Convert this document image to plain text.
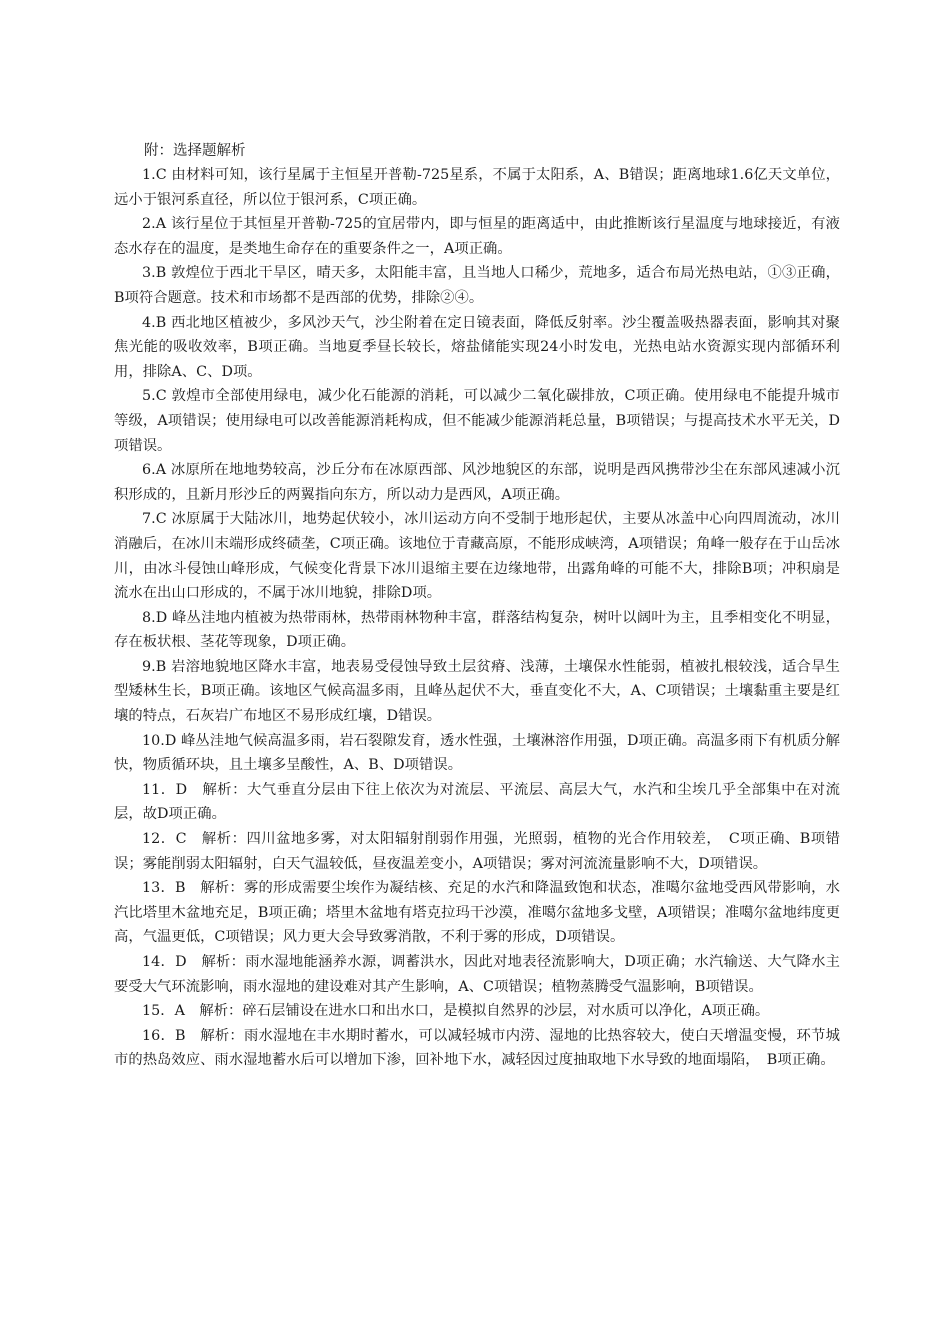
附：选择题解析

1.C 由材料可知，该行星属于主恒星开普勒-725星系，不属于太阳系，A、B错误；距离地球1.6亿天文单位，远小于银河系直径，所以位于银河系，C项正确。

2.A 该行星位于其恒星开普勒-725的宜居带内，即与恒星的距离适中，由此推断该行星温度与地球接近，有液态水存在的温度，是类地生命存在的重要条件之一，A项正确。

3.B 敦煌位于西北干旱区，晴天多，太阳能丰富，且当地人口稀少，荒地多，适合布局光热电站，①③正确，B项符合题意。技术和市场都不是西部的优势，排除②④。

4.B 西北地区植被少，多风沙天气，沙尘附着在定日镜表面，降低反射率。沙尘覆盖吸热器表面，影响其对聚焦光能的吸收效率，B项正确。当地夏季昼长较长，熔盐储能实现24小时发电，光热电站水资源实现内部循环利用，排除A、C、D项。

5.C 敦煌市全部使用绿电，减少化石能源的消耗，可以减少二氧化碳排放，C项正确。使用绿电不能提升城市等级，A项错误；使用绿电可以改善能源消耗构成，但不能减少能源消耗总量，B项错误；与提高技术水平无关，D项错误。

6.A 冰原所在地地势较高，沙丘分布在冰原西部、风沙地貌区的东部，说明是西风携带沙尘在东部风速减小沉积形成的，且新月形沙丘的两翼指向东方，所以动力是西风，A项正确。

7.C 冰原属于大陆冰川，地势起伏较小，冰川运动方向不受制于地形起伏，主要从冰盖中心向四周流动，冰川消融后，在冰川末端形成终碛垄，C项正确。该地位于青藏高原，不能形成峡湾，A项错误；角峰一般存在于山岳冰川，由冰斗侵蚀山峰形成，气候变化背景下冰川退缩主要在边缘地带，出露角峰的可能不大，排除B项；冲积扇是流水在出山口形成的，不属于冰川地貌，排除D项。

8.D 峰丛洼地内植被为热带雨林，热带雨林物种丰富，群落结构复杂，树叶以阔叶为主，且季相变化不明显，存在板状根、茎花等现象，D项正确。

9.B 岩溶地貌地区降水丰富，地表易受侵蚀导致土层贫瘠、浅薄，土壤保水性能弱，植被扎根较浅，适合旱生型矮林生长，B项正确。该地区气候高温多雨，且峰丛起伏不大，垂直变化不大，A、C项错误；土壤黏重主要是红壤的特点，石灰岩广布地区不易形成红壤，D错误。

10.D 峰丛洼地气候高温多雨，岩石裂隙发育，透水性强，土壤淋溶作用强，D项正确。高温多雨下有机质分解快，物质循环块，且土壤多呈酸性，A、B、D项错误。

11．D　解析：大气垂直分层由下往上依次为对流层、平流层、高层大气，水汽和尘埃几乎全部集中在对流层，故D项正确。

12．C　解析：四川盆地多雾，对太阳辐射削弱作用强，光照弱，植物的光合作用较差，　C项正确、B项错误；雾能削弱太阳辐射，白天气温较低，昼夜温差变小，A项错误；雾对河流流量影响不大，D项错误。

13．B　解析：雾的形成需要尘埃作为凝结核、充足的水汽和降温致饱和状态，准噶尔盆地受西风带影响，水汽比塔里木盆地充足，B项正确；塔里木盆地有塔克拉玛干沙漠，准噶尔盆地多戈壁，A项错误；准噶尔盆地纬度更高，气温更低，C项错误；风力更大会导致雾消散，不利于雾的形成，D项错误。

14．D　解析：雨水湿地能涵养水源，调蓄洪水，因此对地表径流影响大，D项正确；水汽输送、大气降水主要受大气环流影响，雨水湿地的建设难对其产生影响，A、C项错误；植物蒸腾受气温影响，B项错误。

15．A　解析：碎石层铺设在进水口和出水口，是模拟自然界的沙层，对水质可以净化，A项正确。

16．B　解析：雨水湿地在丰水期时蓄水，可以减轻城市内涝、湿地的比热容较大，使白天增温变慢，环节城市的热岛效应、雨水湿地蓄水后可以增加下渗，回补地下水，减轻因过度抽取地下水导致的地面塌陷，　B项正确。
